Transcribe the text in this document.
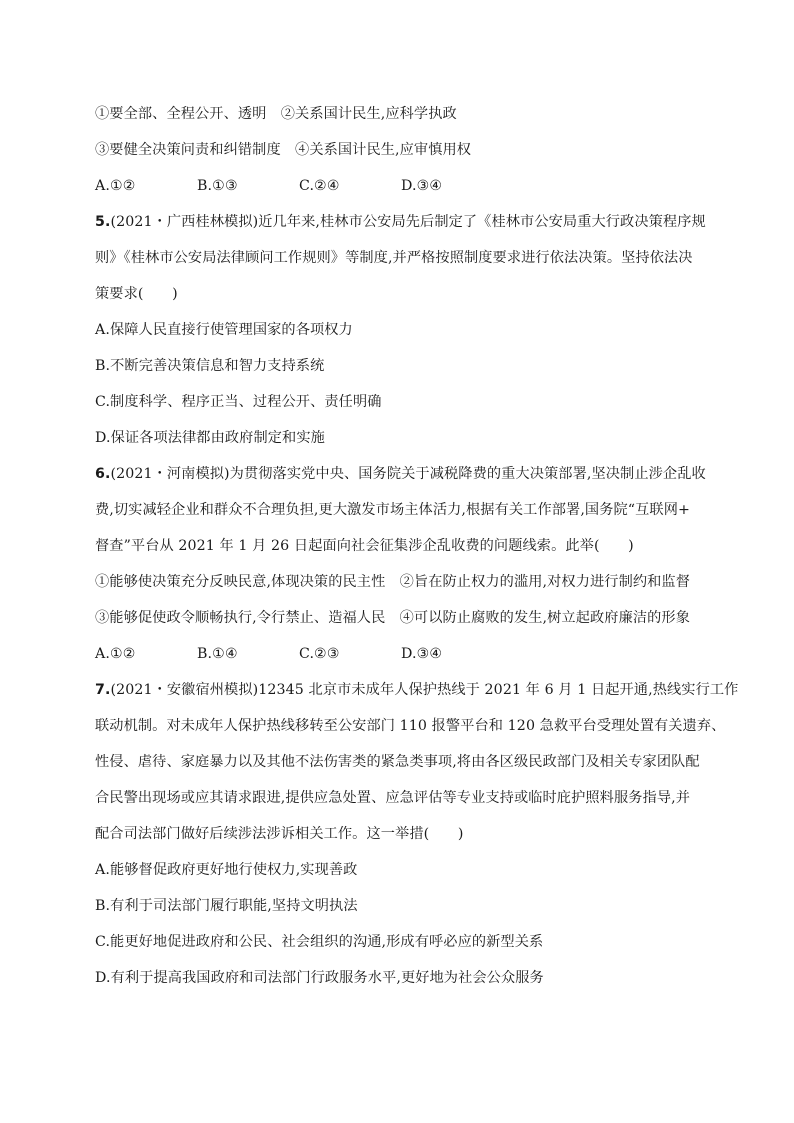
①要全部、全程公开、透明　②关系国计民生,应科学执政
③要健全决策问责和纠错制度　④关系国计民生,应审慎用权
A.①②	B.①③	C.②④	D.③④
5.(2021・广西桂林模拟)近几年来,桂林市公安局先后制定了《桂林市公安局重大行政决策程序规
则》《桂林市公安局法律顾问工作规则》等制度,并严格按照制度要求进行依法决策。坚持依法决
策要求(　　)
A.保障人民直接行使管理国家的各项权力
B.不断完善决策信息和智力支持系统
C.制度科学、程序正当、过程公开、责任明确
D.保证各项法律都由政府制定和实施
6.(2021・河南模拟)为贯彻落实党中央、国务院关于减税降费的重大决策部署,坚决制止涉企乱收
费,切实减轻企业和群众不合理负担,更大激发市场主体活力,根据有关工作部署,国务院“互联网+
督查”平台从 2021 年 1 月 26 日起面向社会征集涉企乱收费的问题线索。此举(　　)
①能够使决策充分反映民意,体现决策的民主性　②旨在防止权力的滥用,对权力进行制约和监督
③能够促使政令顺畅执行,令行禁止、造福人民　④可以防止腐败的发生,树立起政府廉洁的形象
A.①②	B.①④	C.②③	D.③④
7.(2021・安徽宿州模拟)12345 北京市未成年人保护热线于 2021 年 6 月 1 日起开通,热线实行工作
联动机制。对未成年人保护热线移转至公安部门 110 报警平台和 120 急救平台受理处置有关遗弃、
性侵、虐待、家庭暴力以及其他不法伤害类的紧急类事项,将由各区级民政部门及相关专家团队配
合民警出现场或应其请求跟进,提供应急处置、应急评估等专业支持或临时庇护照料服务指导,并
配合司法部门做好后续涉法涉诉相关工作。这一举措(　　)
A.能够督促政府更好地行使权力,实现善政
B.有利于司法部门履行职能,坚持文明执法
C.能更好地促进政府和公民、社会组织的沟通,形成有呼必应的新型关系
D.有利于提高我国政府和司法部门行政服务水平,更好地为社会公众服务
